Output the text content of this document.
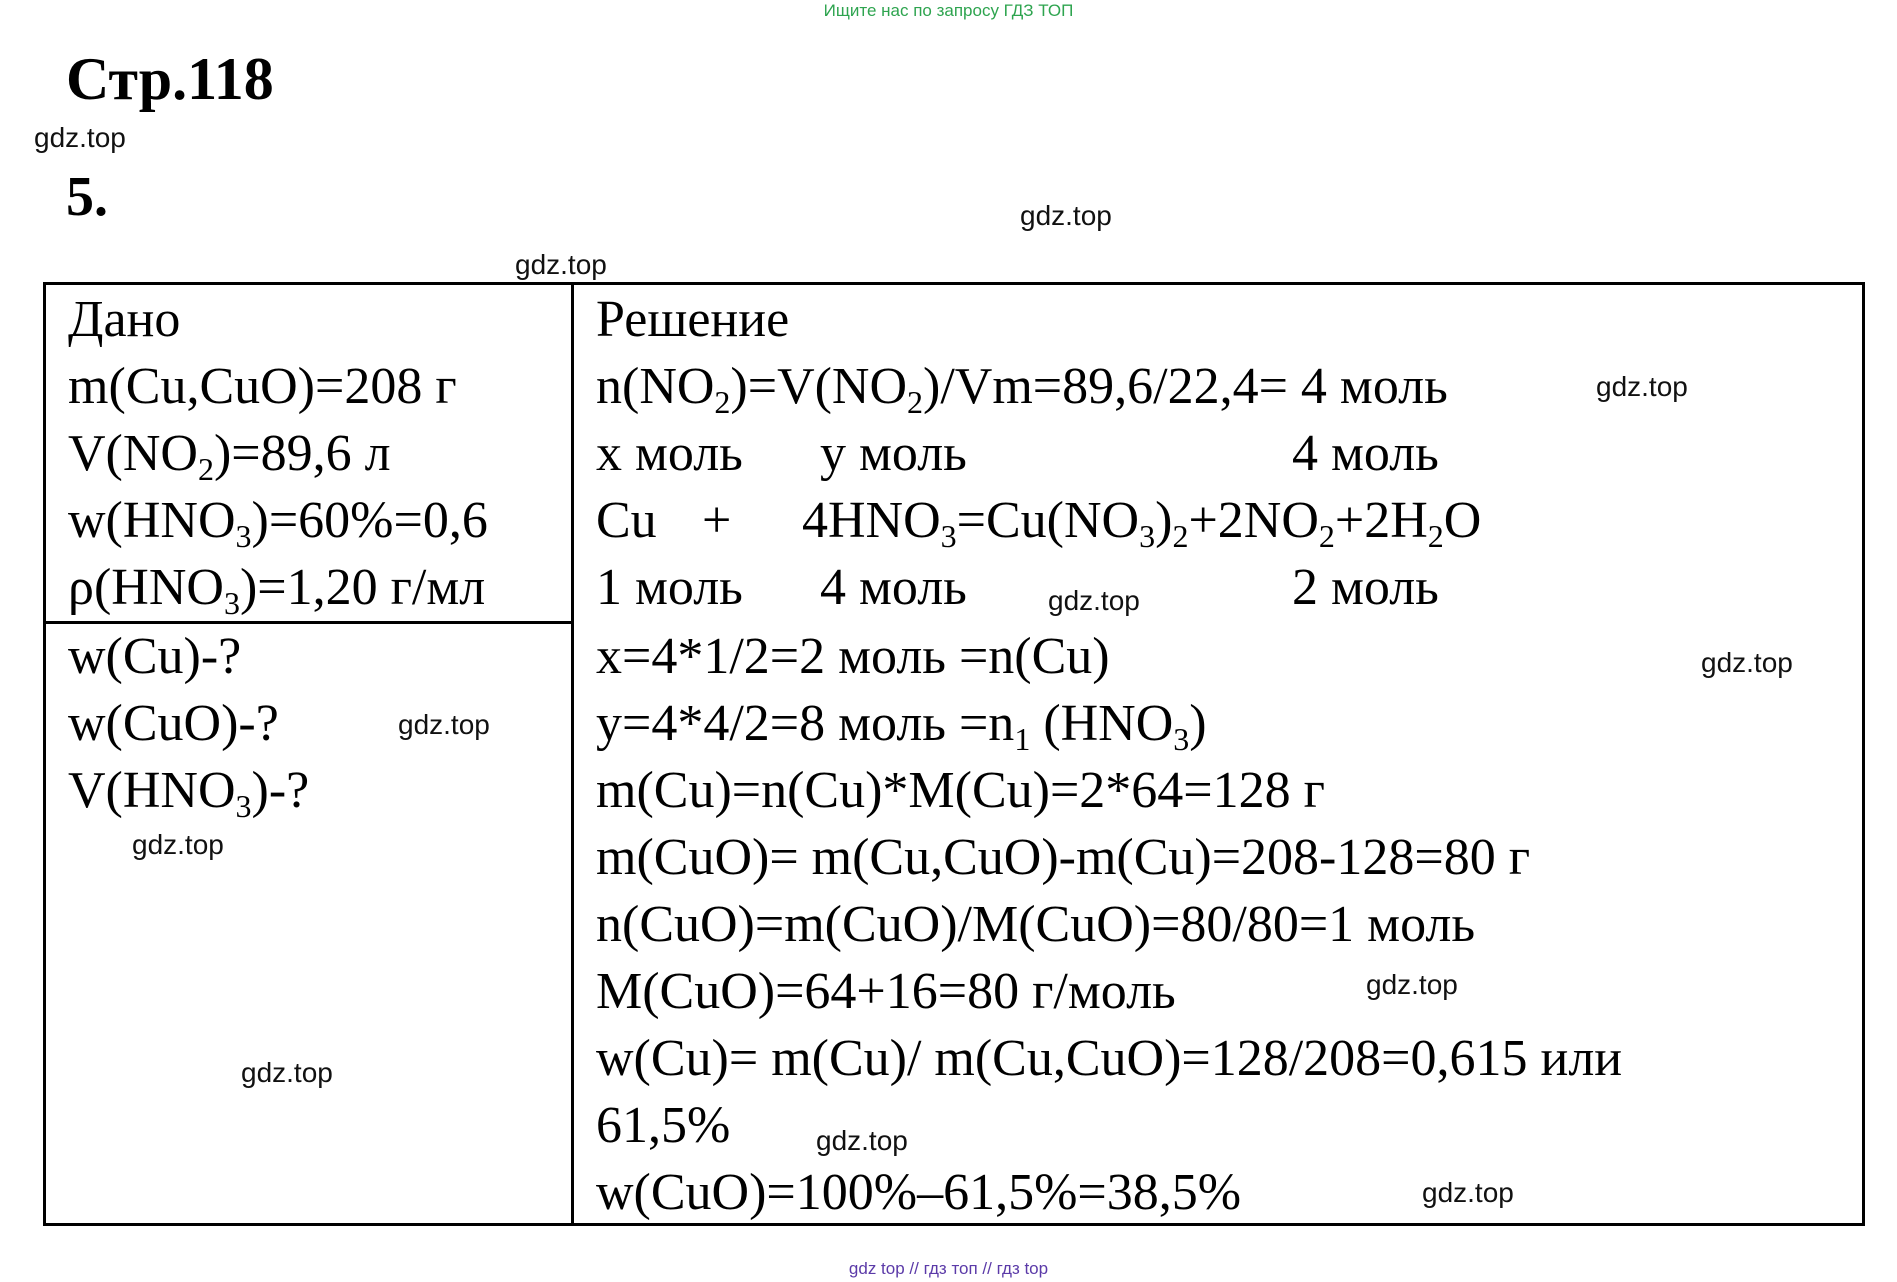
Ищите нас по запросу ГДЗ ТОП
Стр.118
5.
gdz.top
gdz.top
gdz.top
Дано
m(Cu,CuO)=208 г
$V(NO_2)=89,6$ л
$w(HNO_3)=60\%=0,6$
$\rho(HNO_3)=1,20$ г/мл
w(Cu)-?
w(CuO)-?
$V(HNO_3)-$?
gdz.top
gdz.top
gdz.top
Решение
$n(NO_2)=V(NO_2)/Vm=89,6/22,4= 4$ моль	gdz.top
x моль y моль	4 моль
$Cu + 4HNO_3=Cu(NO_3)_2+2NO_2+2H_2O$
1 моль 4 моль	2 моль
gdz.top
x=4*1/2=2 моль =n(Cu)	gdz.top
y=4*4/2=8 моль $=n_1$ $(HNO_3)$
m(Cu)=n(Cu)*M(Cu)=2*64=128 г
m(CuO)= m(Cu,CuO)-m(Cu)=208-128=80 г
n(CuO)=m(CuO)/M(CuO)=80/80=1 моль
M(CuO)=64+16=80 г/моль	gdz.top
w(Cu)= m(Cu)/ m(Cu,CuO)=128/208=0,615 или
61,5%	gdz.top
w(CuO)=100%–61,5%=38,5%	gdz.top
gdz top // гдз топ // гдз top
